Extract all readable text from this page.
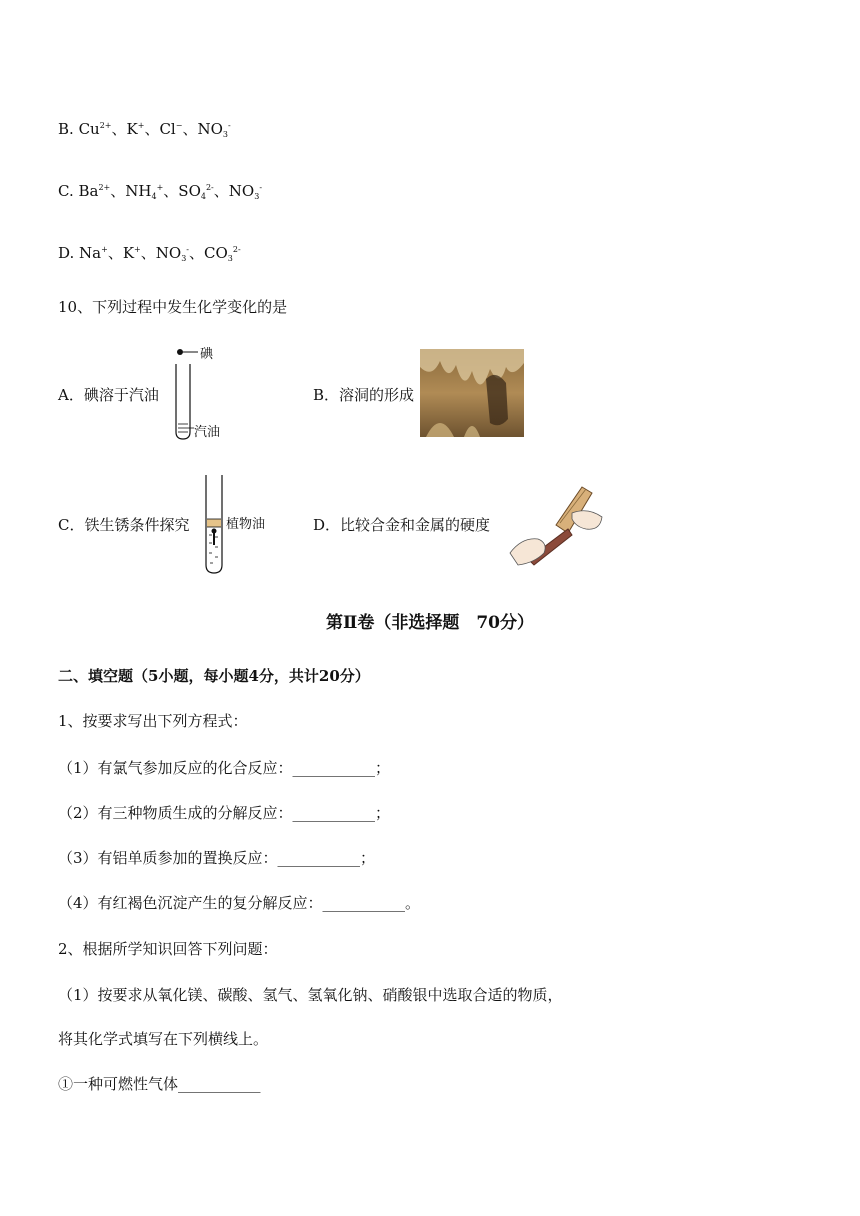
B. $Cu^{2+}$、K+、Cl−、$NO_3^-$
C. $Ba^{2+}$、$NH_4^+$、$SO_4^{2-}$、$NO_3^-$
D. Na+、K+、$NO_3^-$、$CO_3^{2-}$
10、下列过程中发生化学变化的是
A．碘溶于汽油
碘
汽油
B．溶洞的形成
C．铁生锈条件探究	植物油	D．比较合金和金属的硬度
第Ⅱ卷（非选择题　70分）
二、填空题（5小题，每小题4分，共计20分）
1、按要求写出下列方程式：
（1）有氯气参加反应的化合反应：___________；
（2）有三种物质生成的分解反应：___________；
（3）有铝单质参加的置换反应：___________；
（4）有红褐色沉淀产生的复分解反应：___________。
2、根据所学知识回答下列问题：
（1）按要求从氧化镁、碳酸、氢气、氢氧化钠、硝酸银中选取合适的物质，
将其化学式填写在下列横线上。
①一种可燃性气体___________
